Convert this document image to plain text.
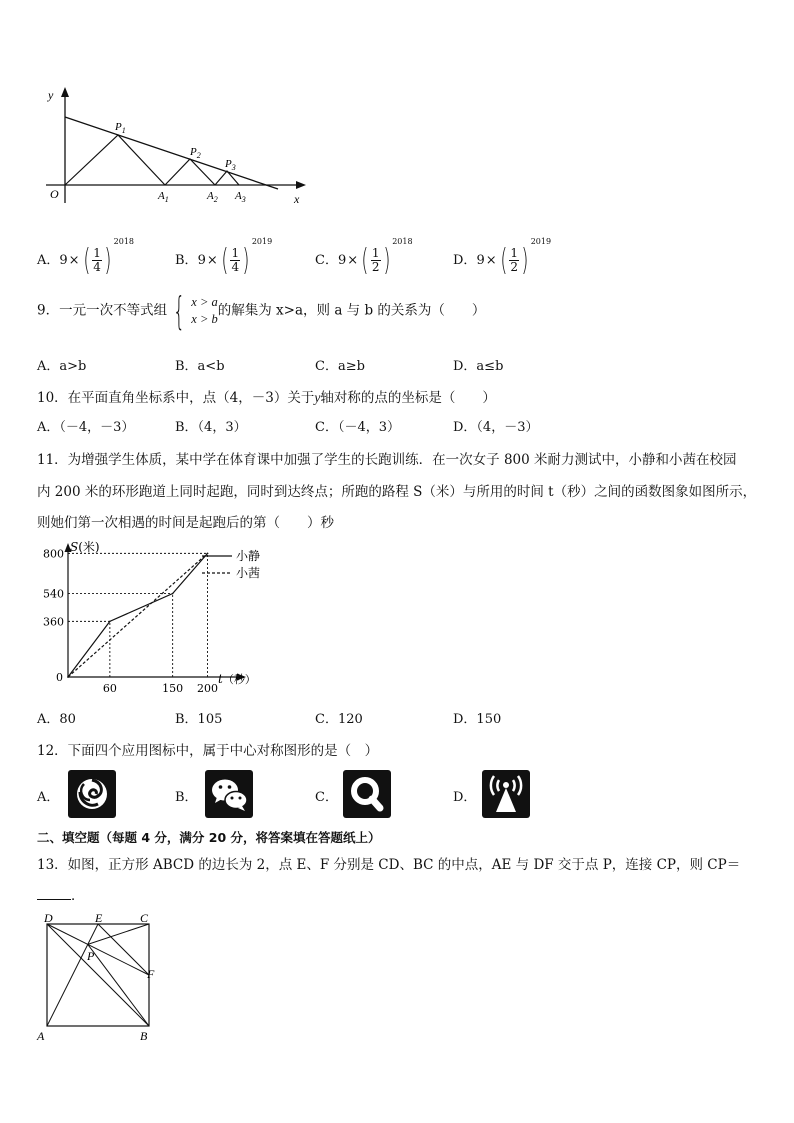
y
x
O
$P_1$
$P_2$
$P_3$
$A_1$	$A_2$ $A_3$
A．9× ( $\frac{1}{4} )^{2018}$
B．9× ( $\frac{1}{4} )^{2019}$
C．9× ( $\frac{1}{2} )^{2018}$
D．9× ( $\frac{1}{2} )^{2019}$
9．一元一次不等式组 { x > a
x > b
的解集为 x>a，则 a 与 b 的关系为（　　）
A．a>b	B．a<b	C．a≥b	D．a≤b
10．在平面直角坐标系中，点（4，－3）关于y轴对称的点的坐标是（　　）
A．（－4，－3）	B．（4，3）	C．（－4，3）	D．（4，－3）
11．为增强学生体质，某中学在体育课中加强了学生的长跑训练．在一次女子 800 米耐力测试中，小静和小茜在校园
内 200 米的环形跑道上同时起跑，同时到达终点；所跑的路程 S（米）与所用的时间 t（秒）之间的函数图象如图所示，
则她们第一次相遇的时间是起跑后的第（　　）秒
S(米)
t（秒）
0
360
540
800
60	150 200
小静
小茜
A．80	B．105	C．120	D．150
12．下面四个应用图标中，属于中心对称图形的是（　）
A．	B．	C．	D．
二、填空题（每题 4 分，满分 20 分，将答案填在答题纸上）
13．如图，正方形 ABCD 的边长为 2，点 E、F 分别是 CD、BC 的中点，AE 与 DF 交于点 P，连接 CP，则 CP＝
．
D	E	C
P
F
A	B
